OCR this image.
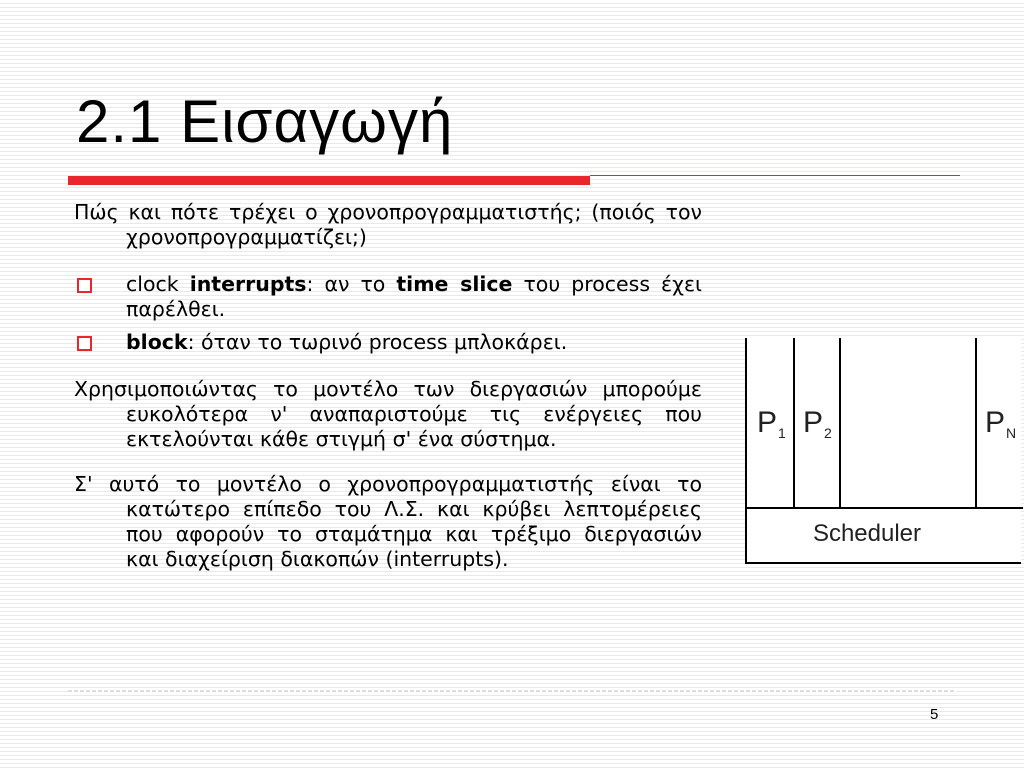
2.1 Εισαγωγή
Πώς και πότε τρέχει ο χρονοπρογραμματιστής; (ποιός τον χρονοπρογραμματίζει;)
clock interrupts: αν το time slice του process έχει παρέλθει.
block: όταν το τωρινό process μπλοκάρει.
Χρησιμοποιώντας το μοντέλο των διεργασιών μπορούμε ευκολότερα ν' αναπαριστούμε τις ενέργειες που εκτελούνται κάθε στιγμή σ' ένα σύστημα.
Σ' αυτό το μοντέλο ο χρονοπρογραμματιστής είναι το κατώτερο επίπεδο του Λ.Σ. και κρύβει λεπτομέρειες που αφορούν το σταμάτημα και τρέξιμο διεργασιών και διαχείριση διακοπών (interrupts).
$P_1$ $P_2$	$P_N$
Scheduler
5
